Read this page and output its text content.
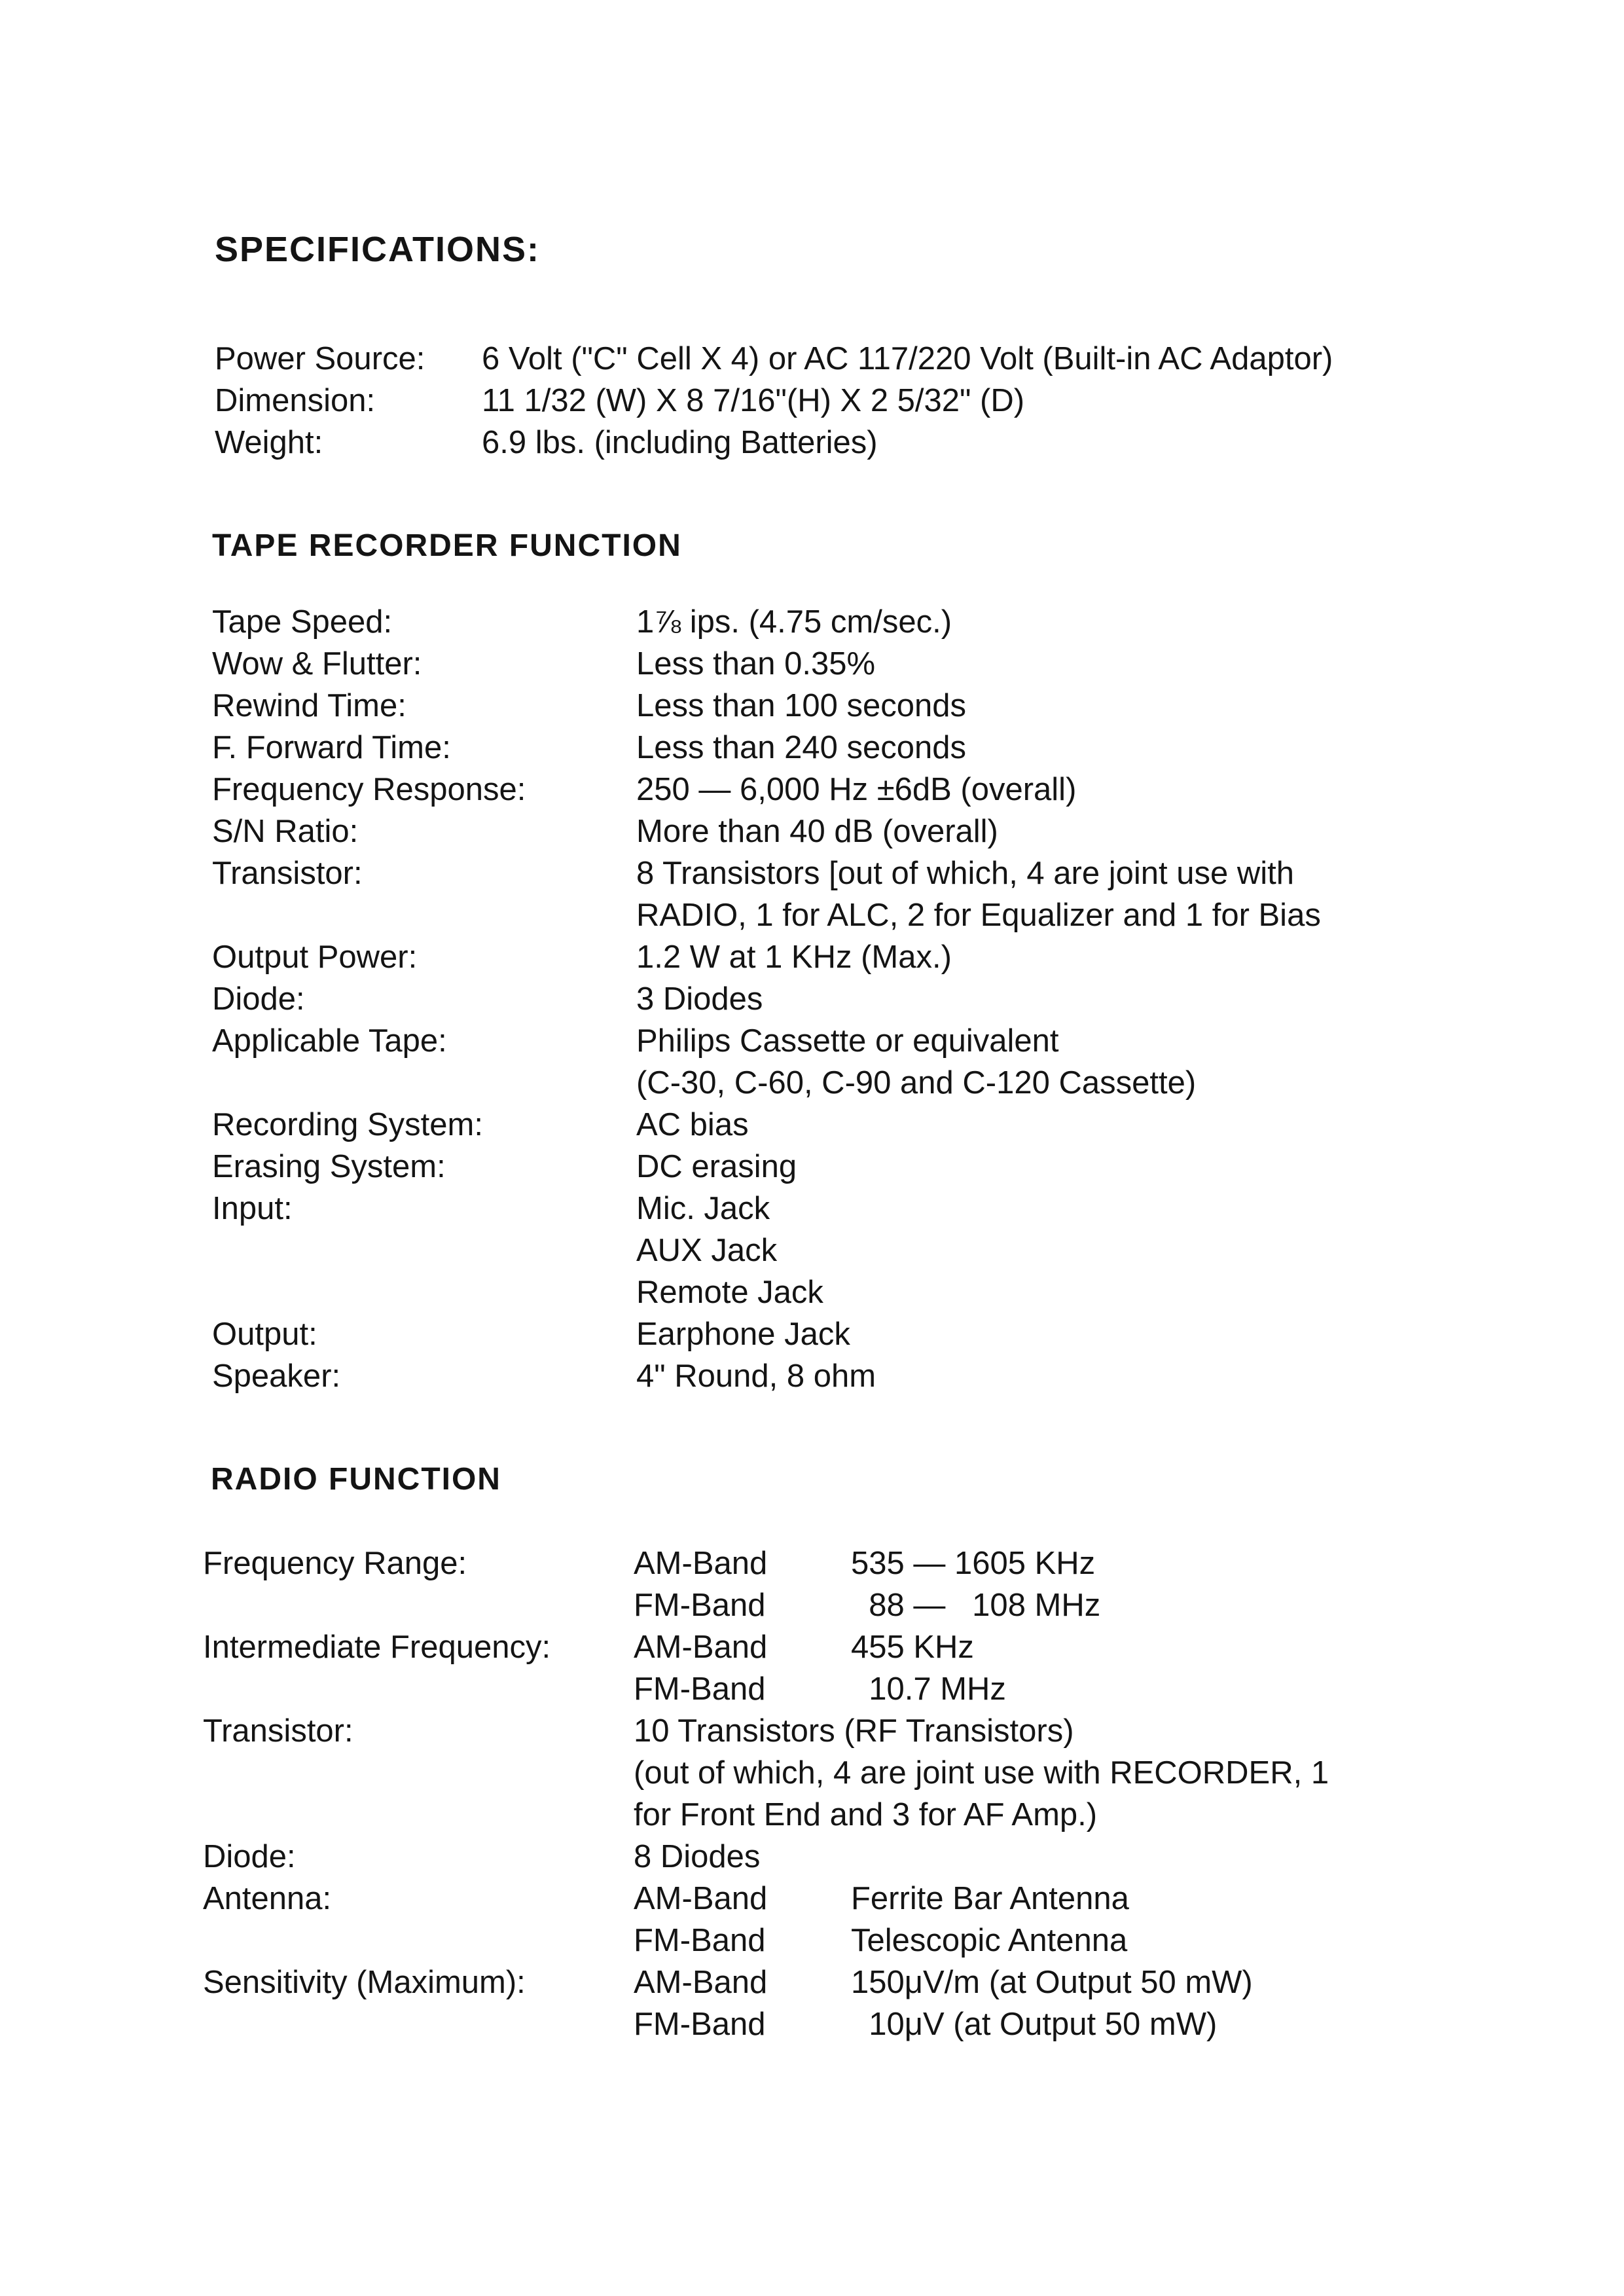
SPECIFICATIONS:
Power Source: 6 Volt ("C" Cell X 4) or AC 117/220 Volt (Built-in AC Adaptor)
Dimension:	11 1/32 (W) X 8 7/16"(H) X 2 5/32" (D)
Weight:	6.9 lbs. (including Batteries)
TAPE RECORDER FUNCTION
Tape Speed:	1⅞ ips. (4.75 cm/sec.)
Wow & Flutter:	Less than 0.35%
Rewind Time:	Less than 100 seconds
F. Forward Time:	Less than 240 seconds
Frequency Response:	250 — 6,000 Hz ±6dB (overall)
S/N Ratio:	More than 40 dB (overall)
Transistor:	8 Transistors [out of which, 4 are joint use with
RADIO, 1 for ALC, 2 for Equalizer and 1 for Bias
Output Power:	1.2 W at 1 KHz (Max.)
Diode:	3 Diodes
Applicable Tape:	Philips Cassette or equivalent
(C-30, C-60, C-90 and C-120 Cassette)
Recording System:	AC bias
Erasing System:	DC erasing
Input:	Mic. Jack
AUX Jack
Remote Jack
Output:	Earphone Jack
Speaker:	4" Round, 8 ohm
RADIO FUNCTION
Frequency Range:	AM-Band	535 — 1605 KHz
FM-Band	88 —   108 MHz
Intermediate Frequency:	AM-Band	455 KHz
FM-Band	10.7 MHz
Transistor:	10 Transistors (RF Transistors)
(out of which, 4 are joint use with RECORDER, 1
for Front End and 3 for AF Amp.)
Diode:	8 Diodes
Antenna:	AM-Band	Ferrite Bar Antenna
FM-Band	Telescopic Antenna
Sensitivity (Maximum):	AM-Band	150μV/m (at Output 50 mW)
FM-Band	10μV (at Output 50 mW)
